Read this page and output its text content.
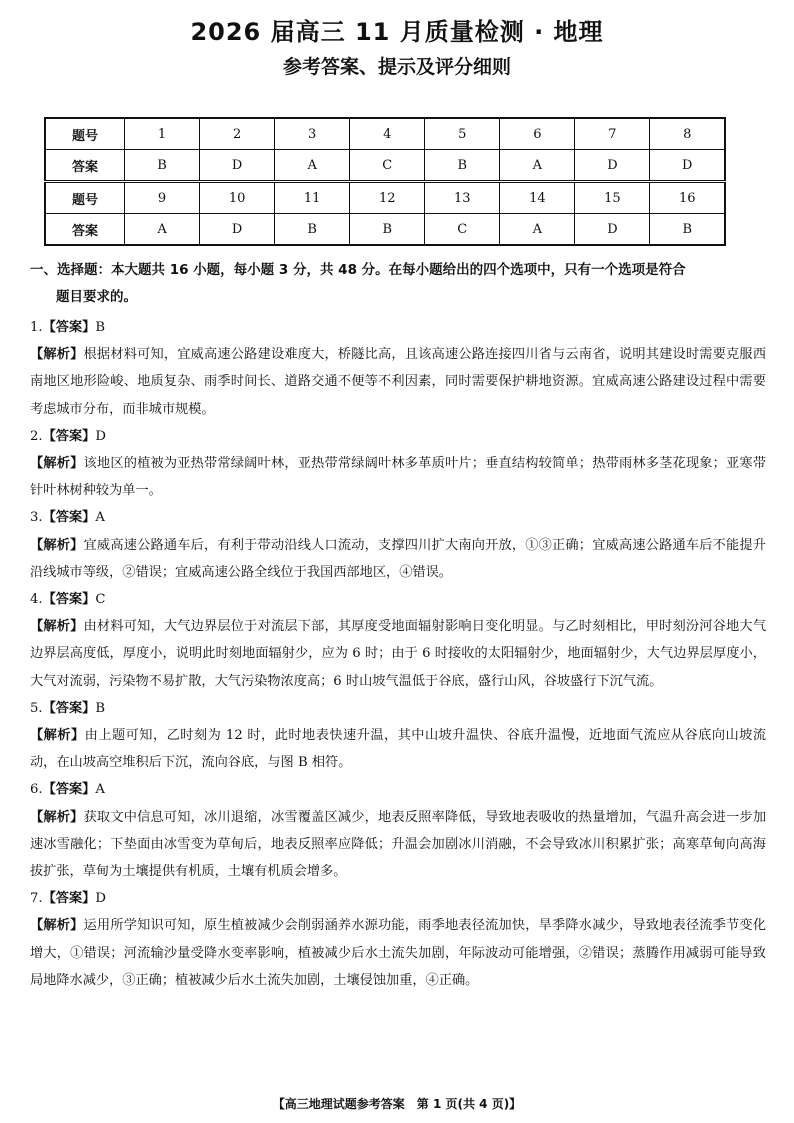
2026 届高三 11 月质量检测 · 地理
参考答案、提示及评分细则
题号	1	2	3	4	5	6	7	8
答案	B	D	A	C	B	A	D	D
题号	9	10	11	12	13	14	15	16
答案	A	D	B	B	C	A	D	B
一、选择题：本大题共 16 小题，每小题 3 分，共 48 分。在每小题给出的四个选项中，只有一个选项是符合
题目要求的。

1.【答案】B

【解析】根据材料可知，宜威高速公路建设难度大，桥隧比高，且该高速公路连接四川省与云南省，说明其建设时需要克服西南地区地形险峻、地质复杂、雨季时间长、道路交通不便等不利因素，同时需要保护耕地资源。宜威高速公路建设过程中需要考虑城市分布，而非城市规模。

2.【答案】D

【解析】该地区的植被为亚热带常绿阔叶林，亚热带常绿阔叶林多革质叶片；垂直结构较简单；热带雨林多茎花现象；亚寒带针叶林树种较为单一。

3.【答案】A

【解析】宜威高速公路通车后，有利于带动沿线人口流动，支撑四川扩大南向开放，①③正确；宜威高速公路通车后不能提升沿线城市等级，②错误；宜威高速公路全线位于我国西部地区，④错误。

4.【答案】C

【解析】由材料可知，大气边界层位于对流层下部，其厚度受地面辐射影响日变化明显。与乙时刻相比，甲时刻汾河谷地大气边界层高度低，厚度小，说明此时刻地面辐射少，应为 6 时；由于 6 时接收的太阳辐射少，地面辐射少，大气边界层厚度小，大气对流弱，污染物不易扩散，大气污染物浓度高；6 时山坡气温低于谷底，盛行山风，谷坡盛行下沉气流。

5.【答案】B

【解析】由上题可知，乙时刻为 12 时，此时地表快速升温，其中山坡升温快、谷底升温慢，近地面气流应从谷底向山坡流动，在山坡高空堆积后下沉，流向谷底，与图 B 相符。

6.【答案】A

【解析】获取文中信息可知，冰川退缩，冰雪覆盖区减少，地表反照率降低，导致地表吸收的热量增加，气温升高会进一步加速冰雪融化；下垫面由冰雪变为草甸后，地表反照率应降低；升温会加剧冰川消融，不会导致冰川积累扩张；高寒草甸向高海拔扩张，草甸为土壤提供有机质，土壤有机质会增多。

7.【答案】D

【解析】运用所学知识可知，原生植被减少会削弱涵养水源功能，雨季地表径流加快，旱季降水减少，导致地表径流季节变化增大，①错误；河流输沙量受降水变率影响，植被减少后水土流失加剧，年际波动可能增强，②错误；蒸腾作用减弱可能导致局地降水减少，③正确；植被减少后水土流失加剧，土壤侵蚀加重，④正确。

【高三地理试题参考答案　第 1 页(共 4 页)】
